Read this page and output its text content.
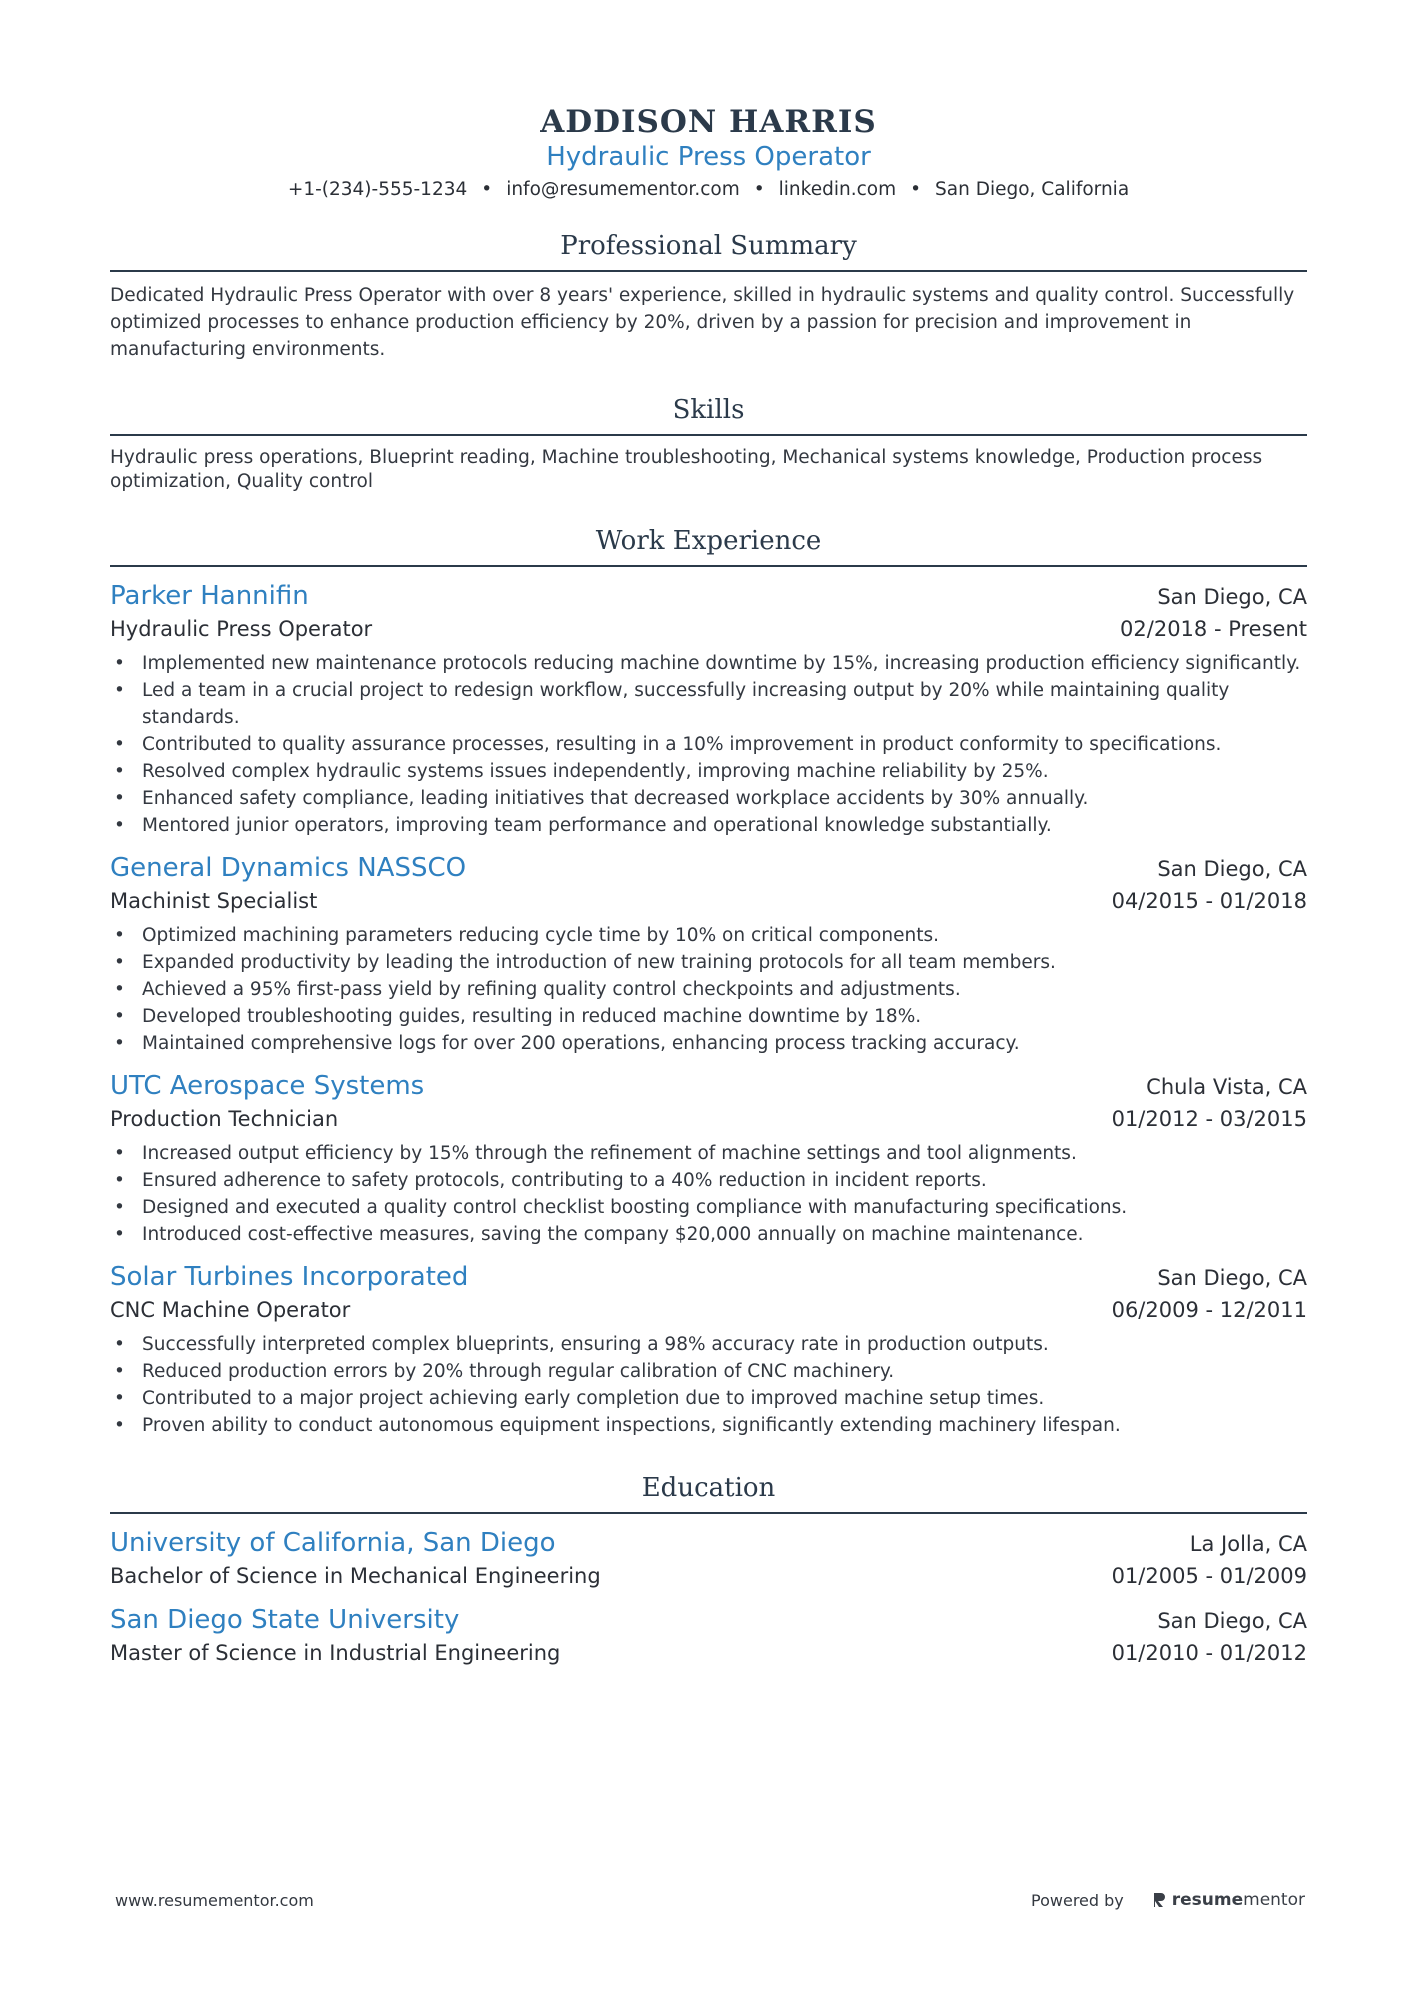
ADDISON HARRIS
Hydraulic Press Operator
+1-(234)-555-1234 • info@resumementor.com • linkedin.com • San Diego, California
Professional Summary
Dedicated Hydraulic Press Operator with over 8 years' experience, skilled in hydraulic systems and quality control. Successfully optimized processes to enhance production efficiency by 20%, driven by a passion for precision and improvement in manufacturing environments.
Skills
Hydraulic press operations, Blueprint reading, Machine troubleshooting, Mechanical systems knowledge, Production process optimization, Quality control
Work Experience
Parker Hannifin	San Diego, CA
Hydraulic Press Operator	02/2018 - Present
• Implemented new maintenance protocols reducing machine downtime by 15%, increasing production efficiency significantly.
• Led a team in a crucial project to redesign workflow, successfully increasing output by 20% while maintaining quality standards.
• Contributed to quality assurance processes, resulting in a 10% improvement in product conformity to specifications.
• Resolved complex hydraulic systems issues independently, improving machine reliability by 25%.
• Enhanced safety compliance, leading initiatives that decreased workplace accidents by 30% annually.
• Mentored junior operators, improving team performance and operational knowledge substantially.
General Dynamics NASSCO	San Diego, CA
Machinist Specialist	04/2015 - 01/2018
• Optimized machining parameters reducing cycle time by 10% on critical components.
• Expanded productivity by leading the introduction of new training protocols for all team members.
• Achieved a 95% first-pass yield by refining quality control checkpoints and adjustments.
• Developed troubleshooting guides, resulting in reduced machine downtime by 18%.
• Maintained comprehensive logs for over 200 operations, enhancing process tracking accuracy.
UTC Aerospace Systems	Chula Vista, CA
Production Technician	01/2012 - 03/2015
• Increased output efficiency by 15% through the refinement of machine settings and tool alignments.
• Ensured adherence to safety protocols, contributing to a 40% reduction in incident reports.
• Designed and executed a quality control checklist boosting compliance with manufacturing specifications.
• Introduced cost-effective measures, saving the company $20,000 annually on machine maintenance.
Solar Turbines Incorporated	San Diego, CA
CNC Machine Operator	06/2009 - 12/2011
• Successfully interpreted complex blueprints, ensuring a 98% accuracy rate in production outputs.
• Reduced production errors by 20% through regular calibration of CNC machinery.
• Contributed to a major project achieving early completion due to improved machine setup times.
• Proven ability to conduct autonomous equipment inspections, significantly extending machinery lifespan.
Education
University of California, San Diego	La Jolla, CA
Bachelor of Science in Mechanical Engineering	01/2005 - 01/2009
San Diego State University	San Diego, CA
Master of Science in Industrial Engineering	01/2010 - 01/2012
www.resumementor.com	Powered by	resume mentor
